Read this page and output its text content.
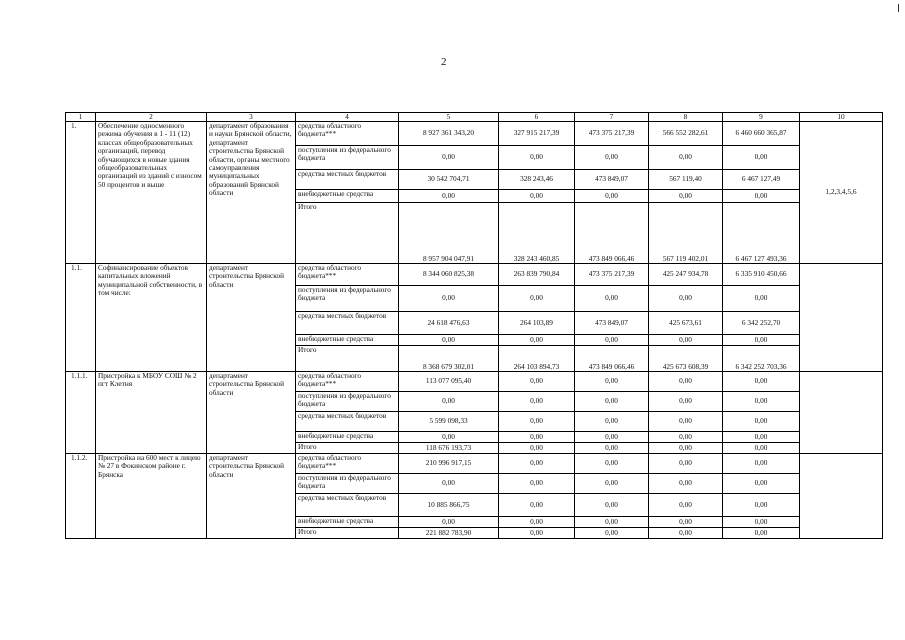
2
1	2	3	4	5	6	7	8	9	10
1.	Обеспечение односменного режима обучения в 1 - 11 (12) классах общеобразовательных организаций, перевод обучающихся в новые здания общеобразовательных организаций из зданий с износом 50 процентов и выше	департамент образования и науки Брянской области, департамент строительства Брянской области, органы местного самоуправления муниципальных образований Брянской области	средства областного бюджета***	8 927 361 343,20	327 915 217,39	473 375 217,39	566 552 282,61	6 460 660 365,87	1,2,3,4,5,6
			поступления из федерального бюджета	0,00	0,00	0,00	0,00	0,00	
			средства местных бюджетов	30 542 704,71	328 243,46	473 849,07	567 119,40	6 467 127,49	
			внебюджетные средства	0,00	0,00	0,00	0,00	0,00	
			Итого	8 957 904 047,91	328 243 460,85	473 849 066,46	567 119 402,01	6 467 127 493,36	
1.1.	Софинансирование объектов капитальных вложений муниципальной собственности, в том числе:	департамент строительства Брянской области	средства областного бюджета***	8 344 060 825,38	263 839 790,84	473 375 217,39	425 247 934,78	6 335 910 450,66	
			поступления из федерального бюджета	0,00	0,00	0,00	0,00	0,00	
			средства местных бюджетов	24 618 476,63	264 103,89	473 849,07	425 673,61	6 342 252,70	
			внебюджетные средства	0,00	0,00	0,00	0,00	0,00	
			Итого	8 368 679 302,01	264 103 894,73	473 849 066,46	425 673 608,39	6 342 252 703,36	
1.1.1.	Пристройка к МБОУ СОШ № 2 пгт Клетня	департамент строительства Брянской области	средства областного бюджета***	113 077 095,40	0,00	0,00	0,00	0,00	
			поступления из федерального бюджета	0,00	0,00	0,00	0,00	0,00	
			средства местных бюджетов	5 599 098,33	0,00	0,00	0,00	0,00	
			внебюджетные средства	0,00	0,00	0,00	0,00	0,00	
			Итого	118 676 193,73	0,00	0,00	0,00	0,00	
1.1.2.	Пристройка на 600 мест к лицею № 27 в Фокинском районе г. Брянска	департамент строительства Брянской области	средства областного бюджета***	210 996 917,15	0,00	0,00	0,00	0,00	
			поступления из федерального бюджета	0,00	0,00	0,00	0,00	0,00	
			средства местных бюджетов	10 885 866,75	0,00	0,00	0,00	0,00	
			внебюджетные средства	0,00	0,00	0,00	0,00	0,00	
			Итого	221 882 783,90	0,00	0,00	0,00	0,00	
